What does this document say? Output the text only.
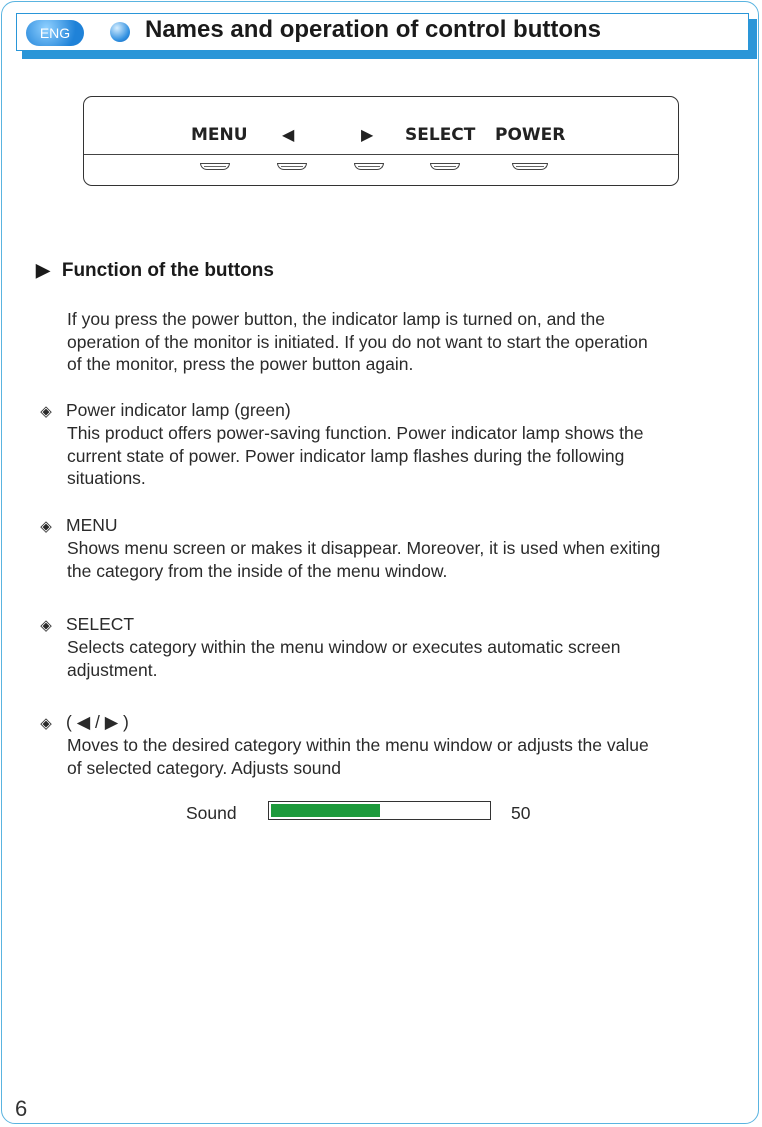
ENG	Names and operation of control buttons
MENU ◀	▶ SELECT POWER
▶ Function of the buttons

If you press the power button, the indicator lamp is turned on, and the

operation of the monitor is initiated. If you do not want to start the operation

of the monitor, press the power button again.

◈ Power indicator lamp (green)

This product offers power-saving function. Power indicator lamp shows the

current state of power. Power indicator lamp flashes during the following

situations.

◈ MENU

Shows menu screen or makes it disappear. Moreover, it is used when exiting

the category from the inside of the menu window.

◈ SELECT

Selects category within the menu window or executes automatic screen

adjustment.

◈ ( ◀ / ▶ )

Moves to the desired category within the menu window or adjusts the value

of selected category. Adjusts sound

Sound	50
6
